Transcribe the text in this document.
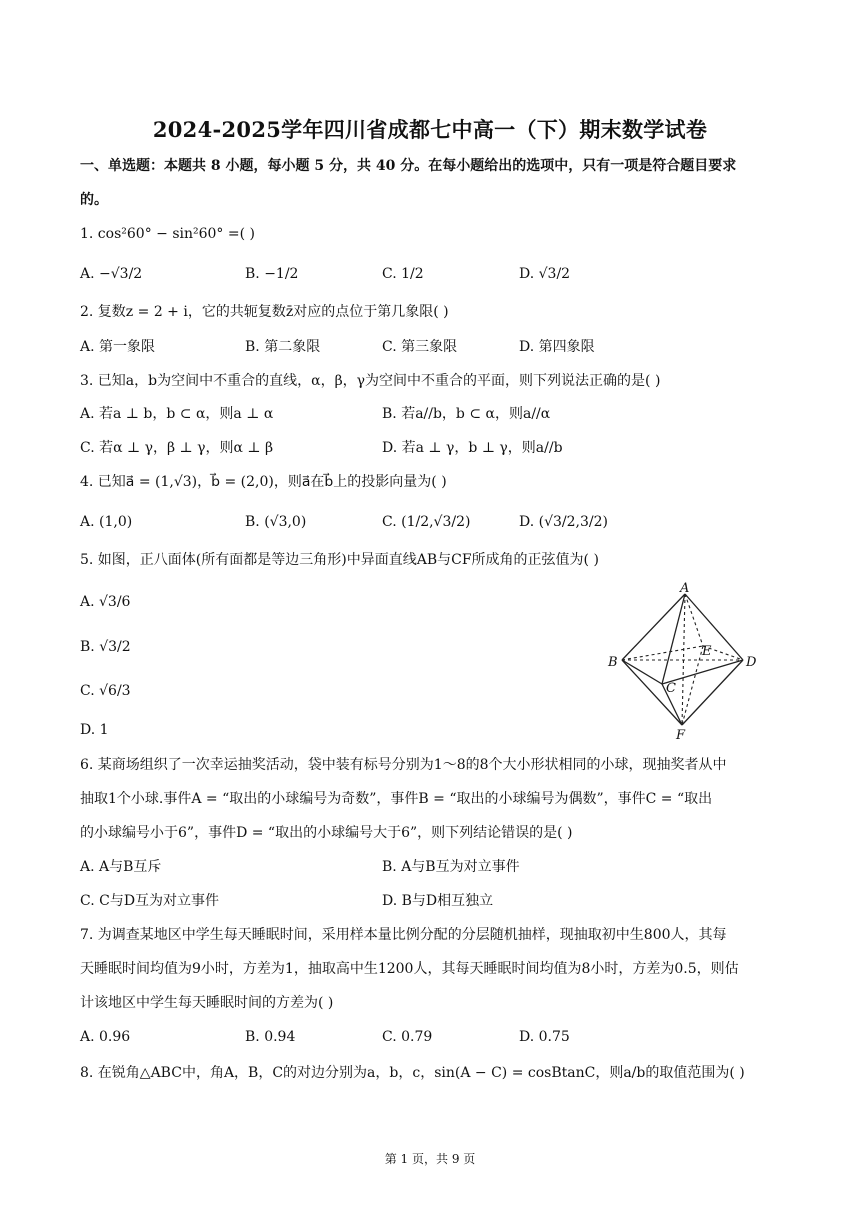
2024-2025学年四川省成都七中高一（下）期末数学试卷
一、单选题：本题共 8 小题，每小题 5 分，共 40 分。在每小题给出的选项中，只有一项是符合题目要求
的。
1. cos²60° − sin²60° =( )
A. −√3/2	B. −1/2	C. 1/2	D. √3/2
2. 复数z = 2 + i，它的共轭复数z̄对应的点位于第几象限( )
A. 第一象限	B. 第二象限	C. 第三象限	D. 第四象限
3. 已知a，b为空间中不重合的直线，α，β，γ为空间中不重合的平面，则下列说法正确的是( )
A. 若a ⊥ b，b ⊂ α，则a ⊥ α	B. 若a//b，b ⊂ α，则a//α
C. 若α ⊥ γ，β ⊥ γ，则α ⊥ β	D. 若a ⊥ γ，b ⊥ γ，则a//b
4. 已知a⃗ = (1,√3)，b⃗ = (2,0)，则a⃗在b⃗上的投影向量为( )
A. (1,0)	B. (√3,0)	C. (1/2,√3/2)	D. (√3/2,3/2)
5. 如图，正八面体(所有面都是等边三角形)中异面直线AB与CF所成角的正弦值为( )
A. √3/6
B. √3/2
C. √6/3
D. 1
A
B
C
D
E
F
6. 某商场组织了一次幸运抽奖活动，袋中装有标号分别为1～8的8个大小形状相同的小球，现抽奖者从中
抽取1个小球.事件A = “取出的小球编号为奇数”，事件B = “取出的小球编号为偶数”，事件C = “取出
的小球编号小于6”，事件D = “取出的小球编号大于6”，则下列结论错误的是( )
A. A与B互斥	B. A与B互为对立事件
C. C与D互为对立事件	D. B与D相互独立
7. 为调查某地区中学生每天睡眠时间，采用样本量比例分配的分层随机抽样，现抽取初中生800人，其每
天睡眠时间均值为9小时，方差为1，抽取高中生1200人，其每天睡眠时间均值为8小时，方差为0.5，则估
计该地区中学生每天睡眠时间的方差为( )
A. 0.96	B. 0.94	C. 0.79	D. 0.75
8. 在锐角△ABC中，角A，B，C的对边分别为a，b，c，sin(A − C) = cosBtanC，则a/b的取值范围为( )
第 1 页，共 9 页
